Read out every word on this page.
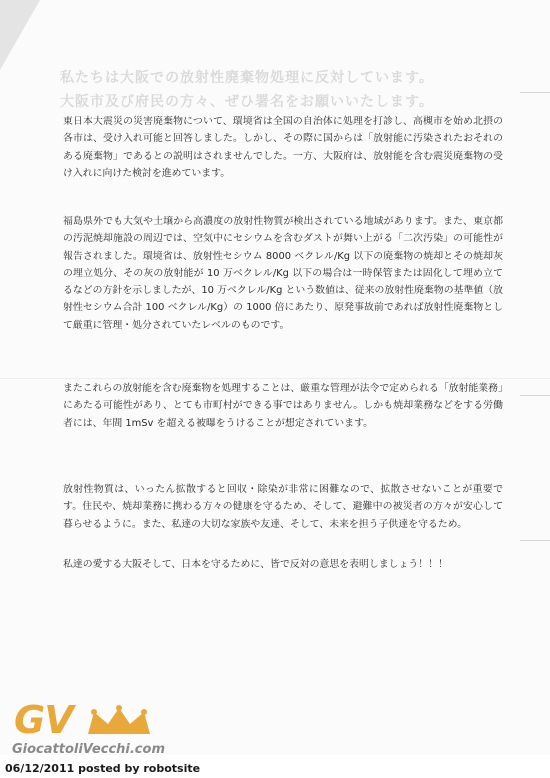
私たちは大阪での放射性廃棄物処理に反対しています。
大阪市及び府民の方々、ぜひ署名をお願いいたします。

東日本大震災の災害廃棄物について、環境省は全国の自治体に処理を打診し、高槻市を始め北摂の各市は、受け入れ可能と回答しました。しかし、その際に国からは「放射能に汚染されたおそれのある廃棄物」であるとの説明はされませんでした。一方、大阪府は、放射能を含む震災廃棄物の受け入れに向けた検討を進めています。

福島県外でも大気や土壌から高濃度の放射性物質が検出されている地域があります。また、東京都の汚泥焼却施設の周辺では、空気中にセシウムを含むダストが舞い上がる「二次汚染」の可能性が報告されました。環境省は、放射性セシウム 8000 ベクレル/Kg 以下の廃棄物の焼却とその焼却灰の埋立処分、その灰の放射能が 10 万ベクレル/Kg 以下の場合は一時保管または固化して埋め立てるなどの方針を示しましたが、10 万ベクレル/Kg という数値は、従来の放射性廃棄物の基準値（放射性セシウム合計 100 ベクレル/Kg）の 1000 倍にあたり、原発事故前であれば放射性廃棄物として厳重に管理・処分されていたレベルのものです。

またこれらの放射能を含む廃棄物を処理することは、厳重な管理が法令で定められる「放射能業務」にあたる可能性があり、とても市町村ができる事ではありません。しかも焼却業務などをする労働者には、年間 1mSv を超える被曝をうけることが想定されています。

放射性物質は、いったん拡散すると回収・除染が非常に困難なので、拡散させないことが重要です。住民や、焼却業務に携わる方々の健康を守るため、そして、避難中の被災者の方々が安心して暮らせるように。また、私達の大切な家族や友達、そして、未来を担う子供達を守るため。

私達の愛する大阪そして、日本を守るために、皆で反対の意思を表明しましょう！！！

GV
GiocattoliVecchi.com
06/12/2011 posted by robotsite
